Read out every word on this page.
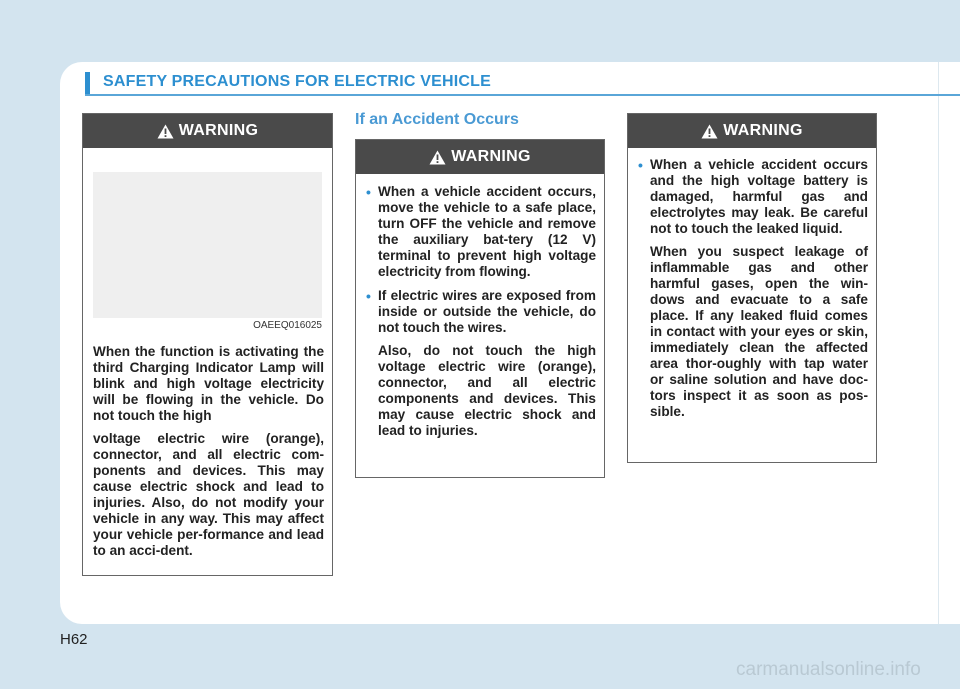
SAFETY PRECAUTIONS FOR ELECTRIC VEHICLE
WARNING
OAEEQ016025

When the function is activating the third Charging Indicator Lamp will blink and high voltage electricity will be flowing in the vehicle. Do not touch the high

voltage electric wire (orange), connector, and all electric com-ponents and devices. This may cause electric shock and lead to injuries. Also, do not modify your vehicle in any way. This may affect your vehicle per-formance and lead to an acci-dent.

If an Accident Occurs
WARNING
• When a vehicle accident occurs, move the vehicle to a safe place, turn OFF the vehicle and remove the auxiliary bat-tery (12 V) terminal to prevent high voltage electricity from flowing.
• If electric wires are exposed from inside or outside the vehicle, do not touch the wires.

Also, do not touch the high voltage electric wire (orange), connector, and all electric components and devices. This may cause electric shock and lead to injuries.

WARNING
• When a vehicle accident occurs and the high voltage battery is damaged, harmful gas and electrolytes may leak. Be careful not to touch the leaked liquid.

When you suspect leakage of inflammable gas and other harmful gases, open the win-dows and evacuate to a safe place. If any leaked fluid comes in contact with your eyes or skin, immediately clean the affected area thor-oughly with tap water or saline solution and have doc-tors inspect it as soon as pos-sible.

H62
carmanualsonline.info
